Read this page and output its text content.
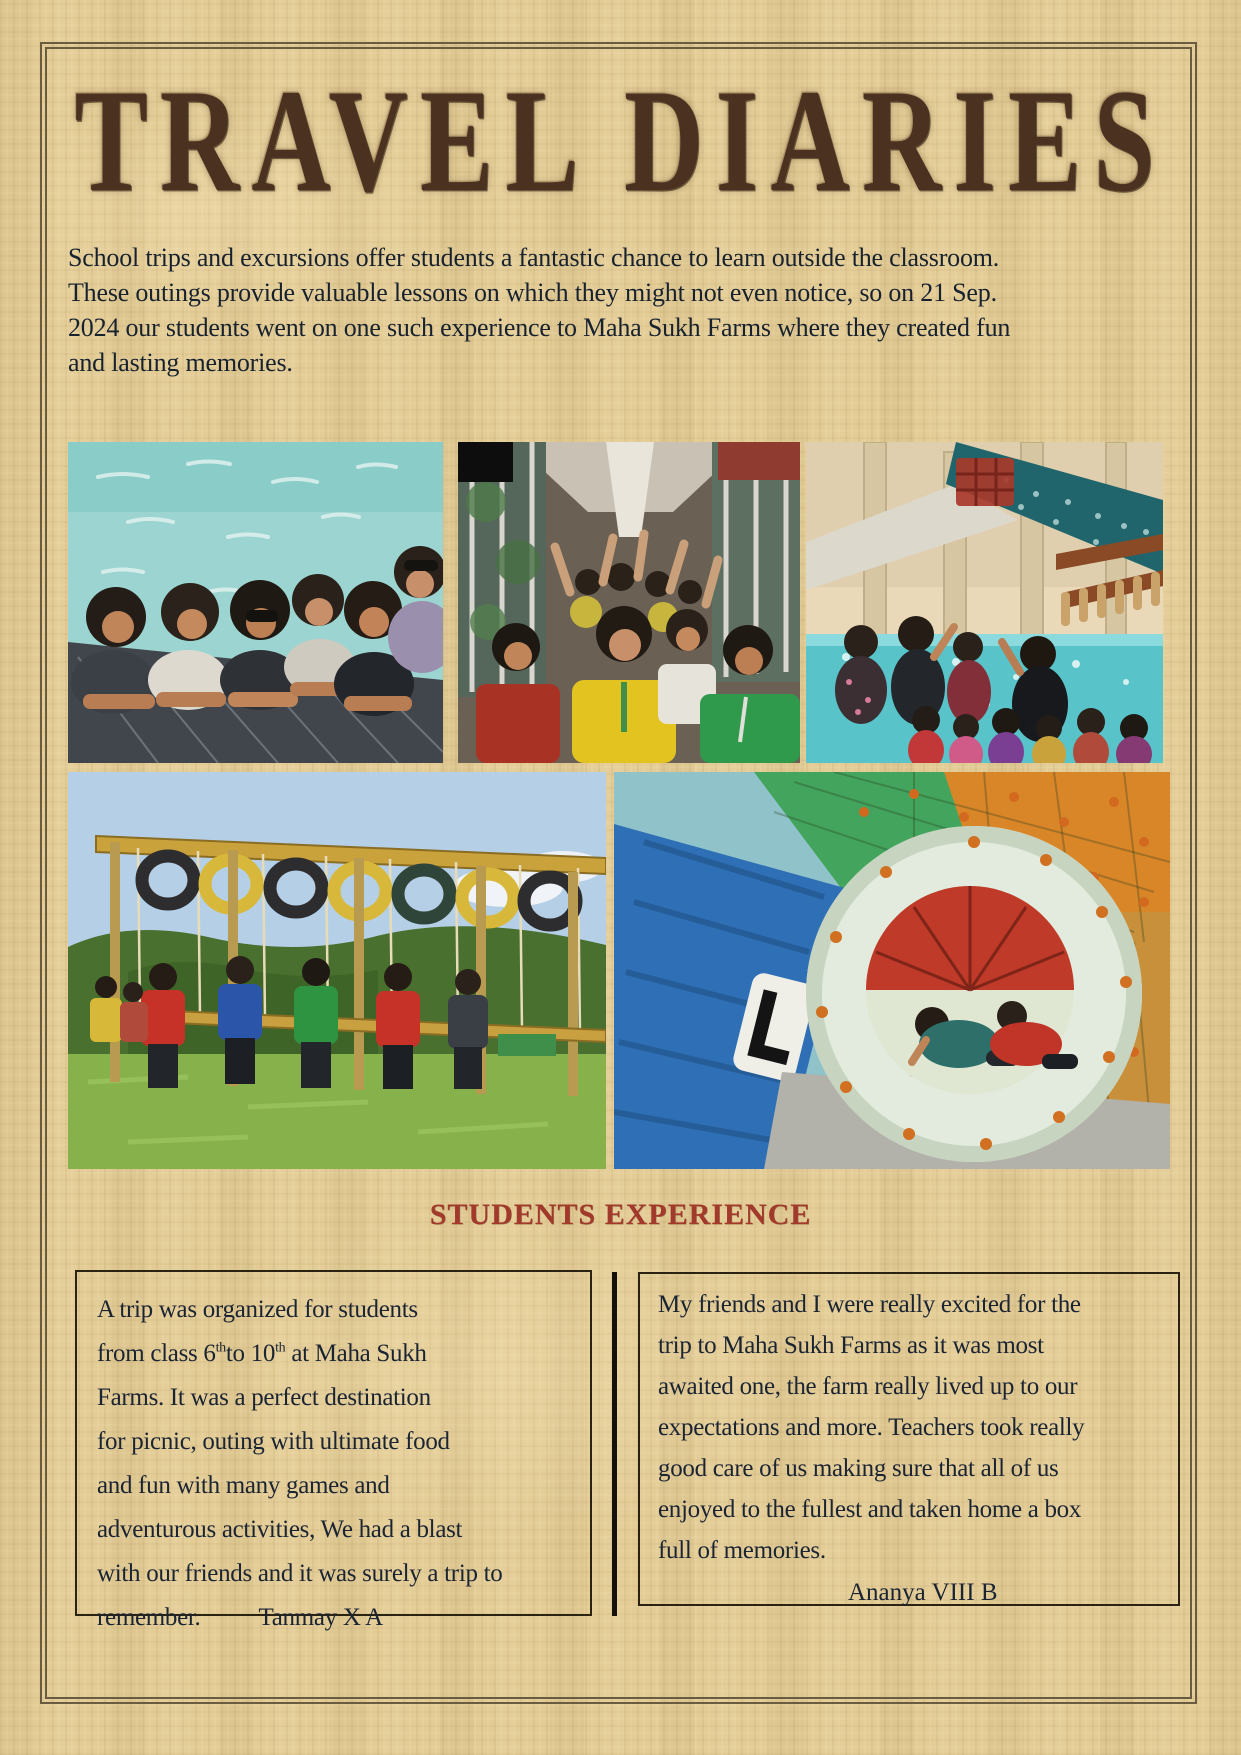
TRAVEL DIARIES
School trips and excursions offer students a fantastic chance to learn outside the classroom.
These outings provide valuable lessons on which they might not even notice, so on 21 Sep.
2024 our students went on one such experience to Maha Sukh Farms where they created fun
and lasting memories.
STUDENTS EXPERIENCE
A trip was organized for students
from class 6thto 10th at Maha Sukh
Farms. It was a perfect destination
for picnic, outing with ultimate food
and fun with many games and
adventurous activities, We had a blast
with our friends and it was surely a trip to
remember. Tanmay X A
My friends and I were really excited for the
trip to Maha Sukh Farms as it was most
awaited one, the farm really lived up to our
expectations and more. Teachers took really
good care of us making sure that all of us
enjoyed to the fullest and taken home a box
full of memories.
Ananya VIII B
